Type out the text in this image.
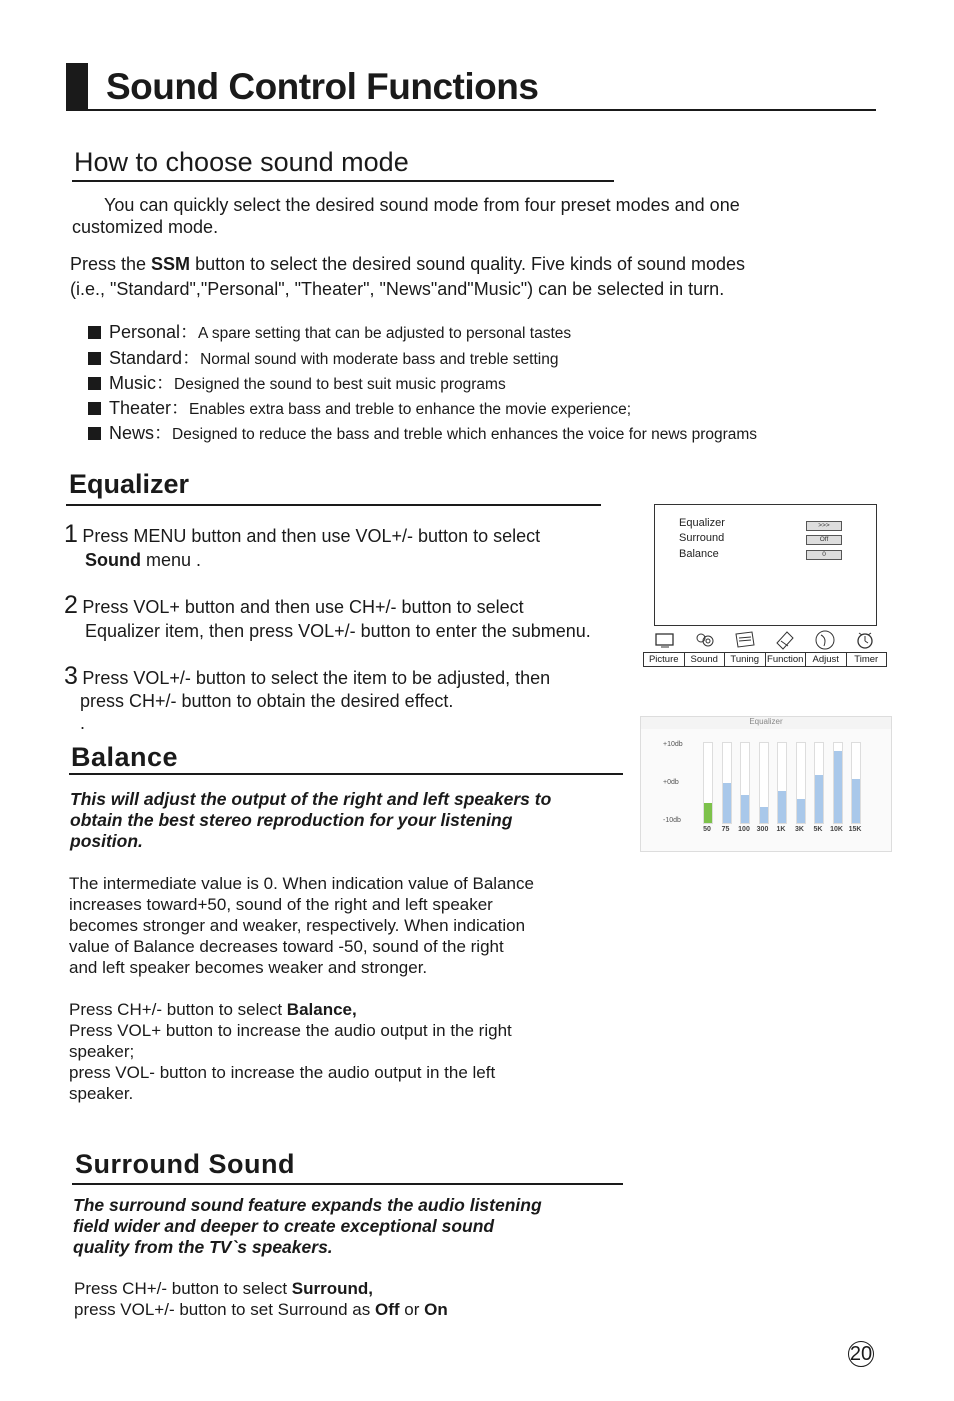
Sound Control Functions
How to choose sound mode
You can quickly select the desired sound mode from four preset modes and one
customized mode.
Press the SSM button to select the desired sound quality. Five kinds of sound modes
(i.e., "Standard","Personal", "Theater", "News"and"Music") can be selected in turn.
Personal：A spare setting that can be adjusted to personal tastes
Standard：Normal sound with moderate bass and treble setting
Music：Designed the sound to best suit music programs
Theater：Enables extra bass and treble to enhance the movie experience;
News：Designed to reduce the bass and treble which enhances the voice for news programs
Equalizer
1 Press MENU button and then use VOL+/- button to select
Sound menu .
2 Press VOL+ button and then use CH+/- button to select
Equalizer item, then press VOL+/- button to enter the submenu.
3 Press VOL+/- button to select the item to be adjusted, then
press CH+/- button to obtain the desired effect.
.
Equalizer	>>>
Surround	Off
Balance	0
Picture	Sound	Tuning Function Adjust	Timer
Equalizer
+10db
+0db
-10db
50	75	100 300	1K	3K	5K	10K 15K
Balance
This will adjust the output of the right and left speakers to
obtain the best stereo reproduction for your listening
position.
The intermediate value is 0. When indication value of Balance
increases toward+50, sound of the right and left speaker
becomes stronger and weaker, respectively. When indication
value of Balance decreases toward -50, sound of the right
and left speaker becomes weaker and stronger.
Press CH+/- button to select Balance,
Press VOL+ button to increase the audio output in the right
speaker;
press VOL- button to increase the audio output in the left
speaker.
Surround Sound
The surround sound feature expands the audio listening
field wider and deeper to create exceptional sound
quality from the TV`s speakers.
Press CH+/- button to select Surround,
press VOL+/- button to set Surround as Off or On
20
